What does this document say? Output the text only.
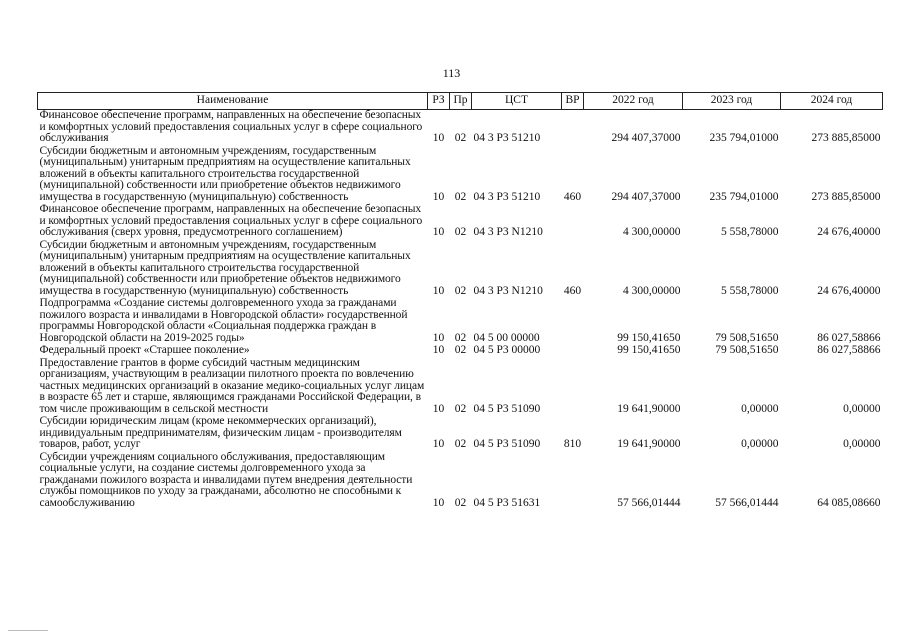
113
Наименование	РЗ	Пр	ЦСТ	ВР	2022 год	2023 год	2024 год
Финансовое обеспечение программ, направленных на обеспечение безопасных и комфортных условий предоставления социальных услуг в сфере социального обслуживания	10	02	04 3 Р3 51210		294 407,37000	235 794,01000	273 885,85000
Субсидии бюджетным и автономным учреждениям, государственным (муниципальным) унитарным предприятиям на осуществление капитальных вложений в объекты капитального строительства государственной (муниципальной) собственности или приобретение объектов недвижимого имущества в государственную (муниципальную) собственность	10	02	04 3 Р3 51210	460	294 407,37000	235 794,01000	273 885,85000
Финансовое обеспечение программ, направленных на обеспечение безопасных и комфортных условий предоставления социальных услуг в сфере социального обслуживания (сверх уровня, предусмотренного соглашением)	10	02	04 3 Р3 N1210		4 300,00000	5 558,78000	24 676,40000
Субсидии бюджетным и автономным учреждениям, государственным (муниципальным) унитарным предприятиям на осуществление капитальных вложений в объекты капитального строительства государственной (муниципальной) собственности или приобретение объектов недвижимого имущества в государственную (муниципальную) собственность	10	02	04 3 Р3 N1210	460	4 300,00000	5 558,78000	24 676,40000
Подпрограмма «Создание системы долговременного ухода за гражданами пожилого возраста и инвалидами в Новгородской области» государственной программы Новгородской области «Социальная поддержка граждан в Новгородской области на 2019-2025 годы»	10	02	04 5 00 00000		99 150,41650	79 508,51650	86 027,58866
Федеральный проект «Старшее поколение»	10	02	04 5 Р3 00000		99 150,41650	79 508,51650	86 027,58866
Предоставление грантов в форме субсидий частным медицинским организациям, участвующим в реализации пилотного проекта по вовлечению частных медицинских организаций в оказание медико-социальных услуг лицам в возрасте 65 лет и старше, являющимся гражданами Российской Федерации, в том числе проживающим в сельской местности	10	02	04 5 Р3 51090		19 641,90000	0,00000	0,00000
Субсидии юридическим лицам (кроме некоммерческих организаций), индивидуальным предпринимателям, физическим лицам - производителям товаров, работ, услуг	10	02	04 5 Р3 51090	810	19 641,90000	0,00000	0,00000
Субсидии учреждениям социального обслуживания, предоставляющим социальные услуги, на создание системы долговременного ухода за гражданами пожилого возраста и инвалидами путем внедрения деятельности службы помощников по уходу за гражданами, абсолютно не способными к самообслуживанию	10	02	04 5 Р3 51631		57 566,01444	57 566,01444	64 085,08660
